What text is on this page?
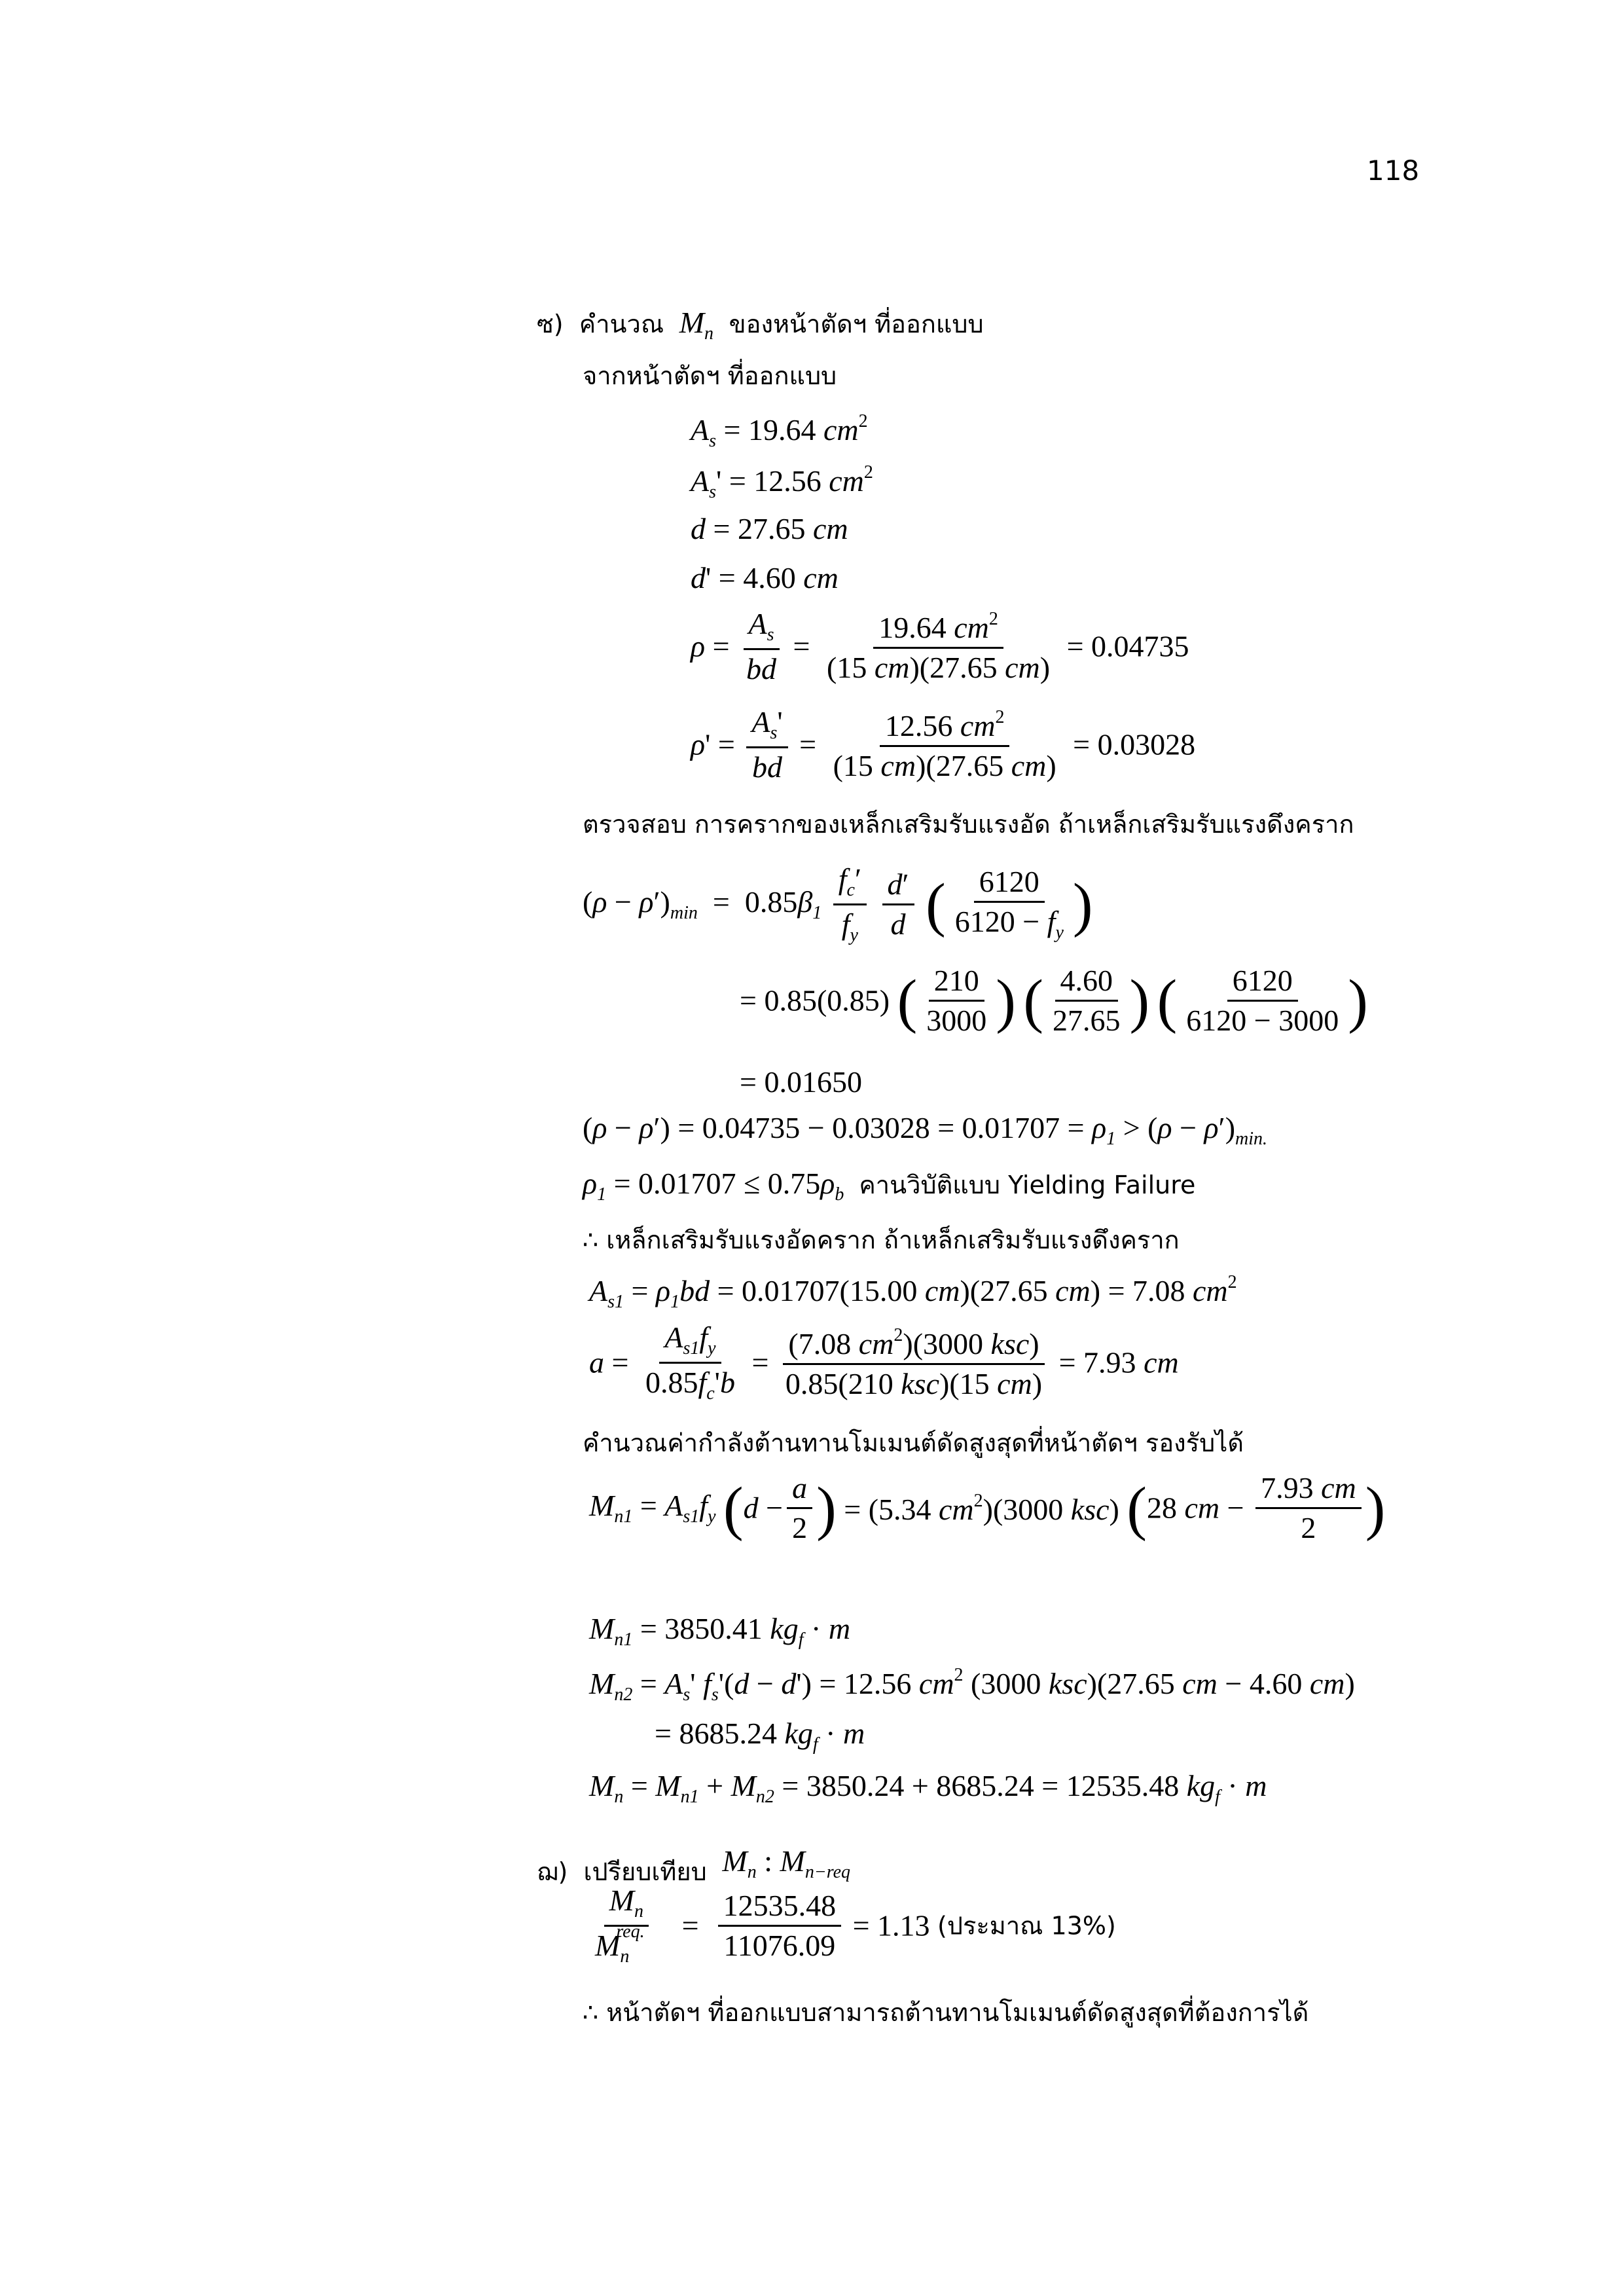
118
ซ) คำนวณ $M_n$ ของหน้าตัดฯ ที่ออกแบบ
จากหน้าตัดฯ ที่ออกแบบ
$A_s = 19.64$ $cm^2$
$A_s' = 12.56$ $cm^2$
d = 27.65 cm
d' = 4.60 cm
$\rho = \frac{A_s}{bd} = \frac{19.64 cm^2}{(15 cm)(27.65 cm)} = 0.04735$
$\rho' = \frac{A_s'}{bd} = \frac{12.56 cm^2}{(15 cm)(27.65 cm)} = 0.03028$
ตรวจสอบ การครากของเหล็กเสริมรับแรงอัด ถ้าเหล็กเสริมรับแรงดึงคราก
$(\rho - \rho')_{min} = 0.85\beta_1 \frac{f_c'}{f_y}$
$\frac{d'}{d}$ ( $\frac{6120}{6120 - f_y}$ )
= 0.85(0.85) ( $\frac{210}{3000}$ ) ( $\frac{4.60}{27.65}$ ) ( $\frac{6120}{6120 - 3000}$ )
= 0.01650
$(\rho - \rho') = 0.04735 - 0.03028 = 0.01707 = \rho_1 > (\rho - \rho')_{min.}$
$\rho_1 = 0.01707 \le 0.75\rho_b$ คานวิบัติแบบ Yielding Failure
∴ เหล็กเสริมรับแรงอัดคราก ถ้าเหล็กเสริมรับแรงดึงคราก
$A_{s1} = \rho_1bd = 0.01707(15.00$ cm)(27.65 cm) = 7.08 $cm^2$
$a = \frac{A_{s1}f_y}{0.85f_c'b} = \frac{(7.08 cm^2)(3000 ksc)}{\text{0.85(210 ksc)(15 cm)}} = 7.93$ cm
คำนวณค่ากำลังต้านทานโมเมนต์ดัดสูงสุดที่หน้าตัดฯ รองรับได้
$M_{n1} = A_{s1}f_y$ ($d - \frac{a}{2}$ ) = (5.34 $cm^2)(3000$ ksc) (28 cm − $\frac{7.93 cm}{2}$ )
$M_{n1} = 3850.41$ $kg_f \cdot m$
$M_{n2} = A_s'$ $f_s'(d - d') = 12.56$ $cm^2$ (3000 ksc)(27.65 cm − 4.60 cm)
= 8685.24 $kg_f \cdot m$
$M_n = M_{n1} + M_{n2} = 3850.24 + 8685.24 = 12535.48$ $kg_f \cdot m$
ฌ) เปรียบเทียบ $M_n$ : $M_{n-req}$
$\frac{M_n}{M_n^{req.}} = \frac{12535.48}{11076.09} = 1.13$ (ประมาณ 13%)
∴ หน้าตัดฯ ที่ออกแบบสามารถต้านทานโมเมนต์ดัดสูงสุดที่ต้องการได้
